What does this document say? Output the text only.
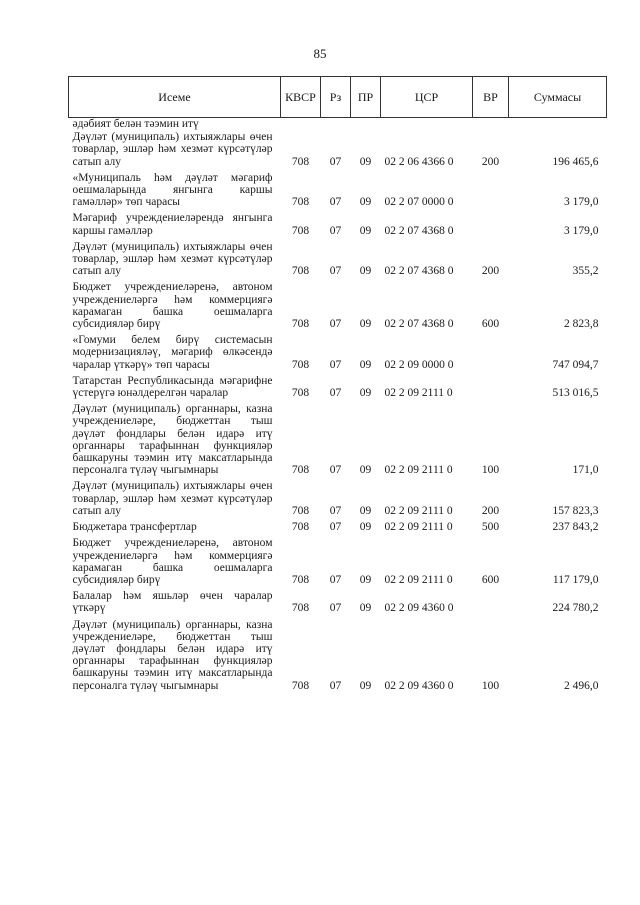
85
Исеме	КВСР	Рз	ПР	ЦСР	ВР	Суммасы
әдәбият белән тәэмин итү						
Дәүләт (муниципаль) ихтыяжлары өчен товарлар, эшләр һәм хезмәт күрсәтүләр сатып алу	708	07	09	02 2 06 4366 0	200	196 465,6
«Муниципаль һәм дәүләт мәгариф оешмаларында янгынга каршы гамәлләр» төп чарасы	708	07	09	02 2 07 0000 0		3 179,0
Мәгариф учреждениеләрендә янгынга каршы гамәлләр	708	07	09	02 2 07 4368 0		3 179,0
Дәүләт (муниципаль) ихтыяжлары өчен товарлар, эшләр һәм хезмәт күрсәтүләр сатып алу	708	07	09	02 2 07 4368 0	200	355,2
Бюджет учреждениеләренә, автоном учреждениеләргә һәм коммерциягә карамаган башка оешмаларга субсидияләр бирү	708	07	09	02 2 07 4368 0	600	2 823,8
«Гомуми белем бирү системасын модернизацияләү, мәгариф өлкәсендә чаралар үткәрү» төп чарасы	708	07	09	02 2 09 0000 0		747 094,7
Татарстан Республикасында мәгарифне үстерүгә юнәлдерелгән чаралар	708	07	09	02 2 09 2111 0		513 016,5
Дәүләт (муниципаль) органнары, казна учреждениеләре, бюджеттан тыш дәүләт фондлары белән идарә итү органнары тарафыннан функцияләр башкаруны тәэмин итү максатларында персоналга түләү чыгымнары	708	07	09	02 2 09 2111 0	100	171,0
Дәүләт (муниципаль) ихтыяжлары өчен товарлар, эшләр һәм хезмәт күрсәтүләр сатып алу	708	07	09	02 2 09 2111 0	200	157 823,3
Бюджетара трансфертлар	708	07	09	02 2 09 2111 0	500	237 843,2
Бюджет учреждениеләренә, автоном учреждениеләргә һәм коммерциягә карамаган башка оешмаларга субсидияләр бирү	708	07	09	02 2 09 2111 0	600	117 179,0
Балалар һәм яшьләр өчен чаралар үткәрү	708	07	09	02 2 09 4360 0		224 780,2
Дәүләт (муниципаль) органнары, казна учреждениеләре, бюджеттан тыш дәүләт фондлары белән идарә итү органнары тарафыннан функцияләр башкаруны тәэмин итү максатларында персоналга түләү чыгымнары	708	07	09	02 2 09 4360 0	100	2 496,0
